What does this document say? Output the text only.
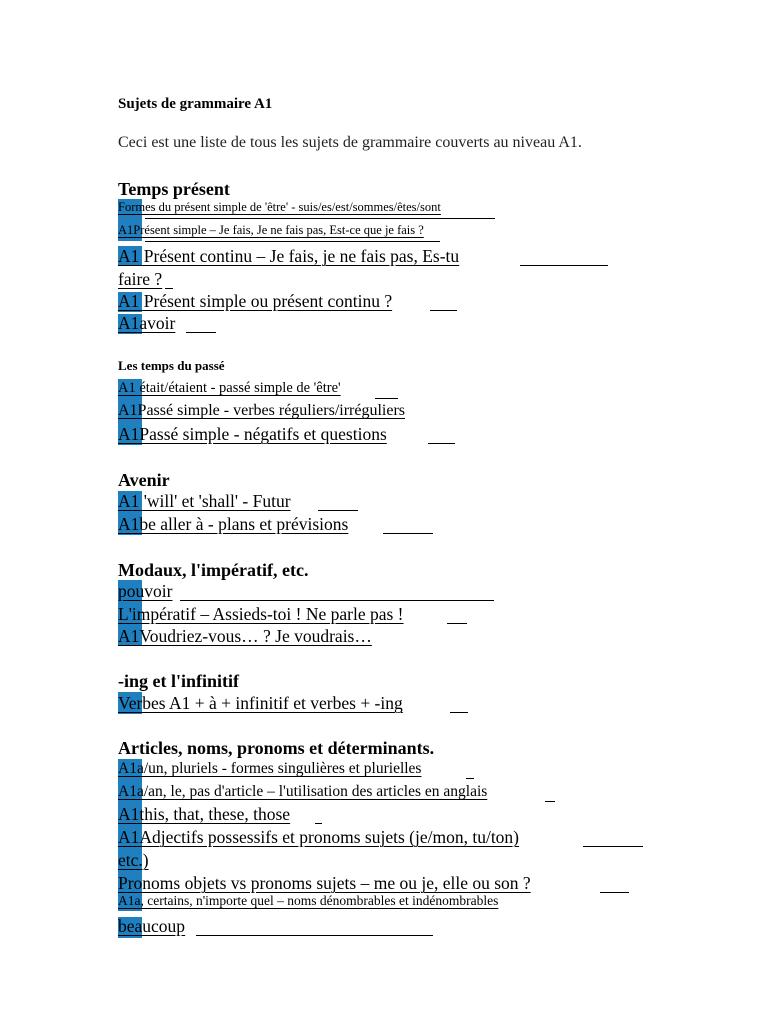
Sujets de grammaire A1
Ceci est une liste de tous les sujets de grammaire couverts au niveau A1.
Temps présent
Formes du présent simple de 'être' - suis/es/est/sommes/êtes/sont
A1Présent simple – Je fais, Je ne fais pas, Est-ce que je fais ?
A1 Présent continu – Je fais, je ne fais pas, Es-tu
faire ?
A1 Présent simple ou présent continu ?
A1avoir
Les temps du passé
A1 était/étaient - passé simple de 'être'
A1Passé simple - verbes réguliers/irréguliers
A1Passé simple - négatifs et questions
Avenir
A1 'will' et 'shall' - Futur
A1be aller à - plans et prévisions
Modaux, l'impératif, etc.
pouvoir
L'impératif – Assieds-toi ! Ne parle pas !
A1Voudriez-vous… ? Je voudrais…
-ing et l'infinitif
Verbes A1 + à + infinitif et verbes + -ing
Articles, noms, pronoms et déterminants.
A1a/un, pluriels - formes singulières et plurielles
A1a/an, le, pas d'article – l'utilisation des articles en anglais
A1this, that, these, those
A1Adjectifs possessifs et pronoms sujets (je/mon, tu/ton)
etc.)
Pronoms objets vs pronoms sujets – me ou je, elle ou son ?
A1a, certains, n'importe quel – noms dénombrables et indénombrables
beaucoup
